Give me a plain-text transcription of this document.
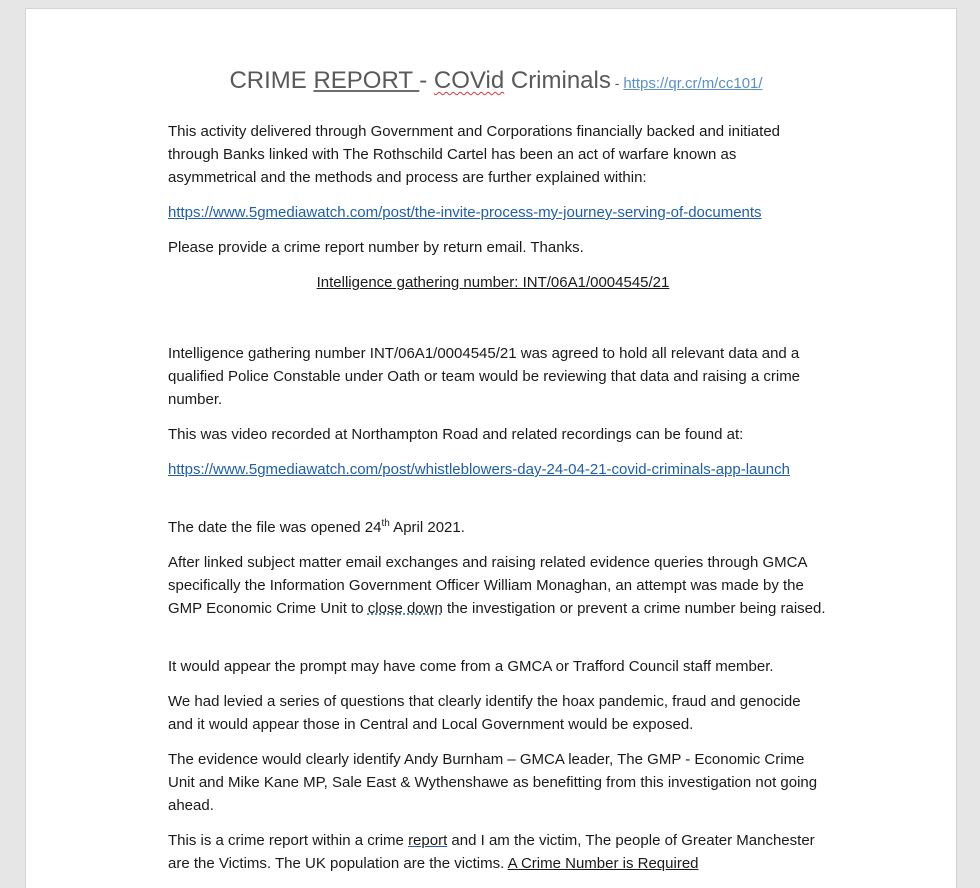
CRIME REPORT - COVid Criminals - https://qr.cr/m/cc101/

This activity delivered through Government and Corporations financially backed and initiated through Banks linked with The Rothschild Cartel has been an act of warfare known as asymmetrical and the methods and process are further explained within:

https://www.5gmediawatch.com/post/the-invite-process-my-journey-serving-of-documents

Please provide a crime report number by return email. Thanks.

Intelligence gathering number: INT/06A1/0004545/21

Intelligence gathering number INT/06A1/0004545/21 was agreed to hold all relevant data and a qualified Police Constable under Oath or team would be reviewing that data and raising a crime number.

This was video recorded at Northampton Road and related recordings can be found at:

https://www.5gmediawatch.com/post/whistleblowers-day-24-04-21-covid-criminals-app-launch

The date the file was opened 24th April 2021.

After linked subject matter email exchanges and raising related evidence queries through GMCA specifically the Information Government Officer William Monaghan, an attempt was made by the GMP Economic Crime Unit to close down the investigation or prevent a crime number being raised.

It would appear the prompt may have come from a GMCA or Trafford Council staff member.

We had levied a series of questions that clearly identify the hoax pandemic, fraud and genocide and it would appear those in Central and Local Government would be exposed.

The evidence would clearly identify Andy Burnham – GMCA leader, The GMP - Economic Crime Unit and Mike Kane MP, Sale East & Wythenshawe as benefitting from this investigation not going ahead.

This is a crime report within a crime report and I am the victim, The people of Greater Manchester are the Victims. The UK population are the victims. A Crime Number is Required
